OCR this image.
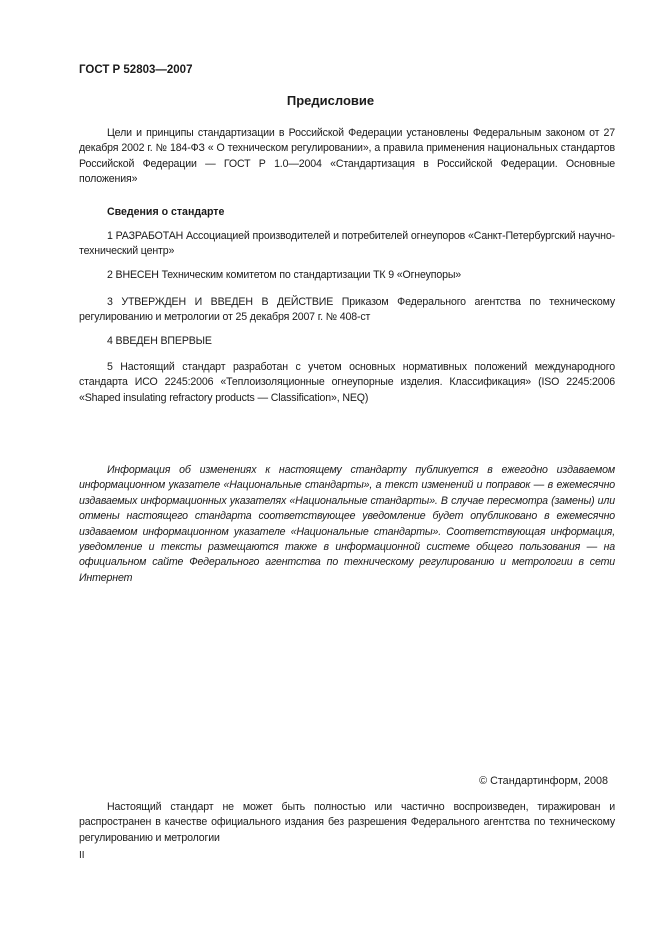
ГОСТ Р 52803—2007
Предисловие
Цели и принципы стандартизации в Российской Федерации установлены Федеральным законом от 27 декабря 2002 г. № 184-ФЗ « О техническом регулировании», а правила применения национальных стандартов Российской Федерации — ГОСТ Р 1.0—2004 «Стандартизация в Российской Федерации. Основные положения»
Сведения о стандарте
1 РАЗРАБОТАН Ассоциацией производителей и потребителей огнеупоров «Санкт-Петербургский научно-технический центр»
2 ВНЕСЕН Техническим комитетом по стандартизации ТК 9 «Огнеупоры»
3 УТВЕРЖДЕН И ВВЕДЕН В ДЕЙСТВИЕ Приказом Федерального агентства по техническому регулированию и метрологии от 25 декабря 2007 г. № 408-ст
4 ВВЕДЕН ВПЕРВЫЕ
5 Настоящий стандарт разработан с учетом основных нормативных положений международного стандарта ИСО 2245:2006 «Теплоизоляционные огнеупорные изделия. Классификация» (ISO 2245:2006 «Shaped insulating refractory products — Classification», NEQ)
Информация об изменениях к настоящему стандарту публикуется в ежегодно издаваемом информационном указателе «Национальные стандарты», а текст изменений и поправок — в ежемесячно издаваемых информационных указателях «Национальные стандарты». В случае пересмотра (замены) или отмены настоящего стандарта соответствующее уведомление будет опубликовано в ежемесячно издаваемом информационном указателе «Национальные стандарты». Соответствующая информация, уведомление и тексты размещаются также в информационной системе общего пользования — на официальном сайте Федерального агентства по техническому регулированию и метрологии в сети Интернет
© Стандартинформ, 2008
Настоящий стандарт не может быть полностью или частично воспроизведен, тиражирован и распространен в качестве официального издания без разрешения Федерального агентства по техническому регулированию и метрологии
II
